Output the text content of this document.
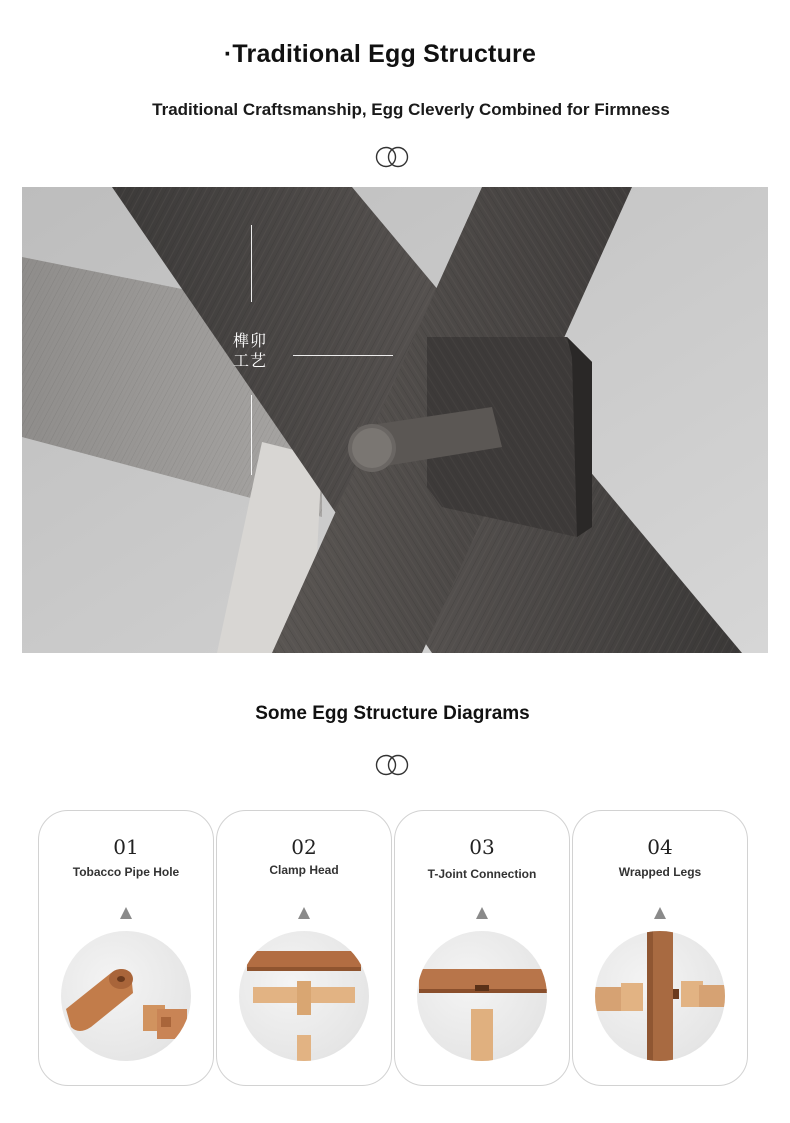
·Traditional Egg Structure
Traditional Craftsmanship, Egg Cleverly Combined for Firmness
榫卯
工艺
Some Egg Structure Diagrams
01
Tobacco Pipe Hole
02
Clamp Head
03
T-Joint Connection
04
Wrapped Legs
